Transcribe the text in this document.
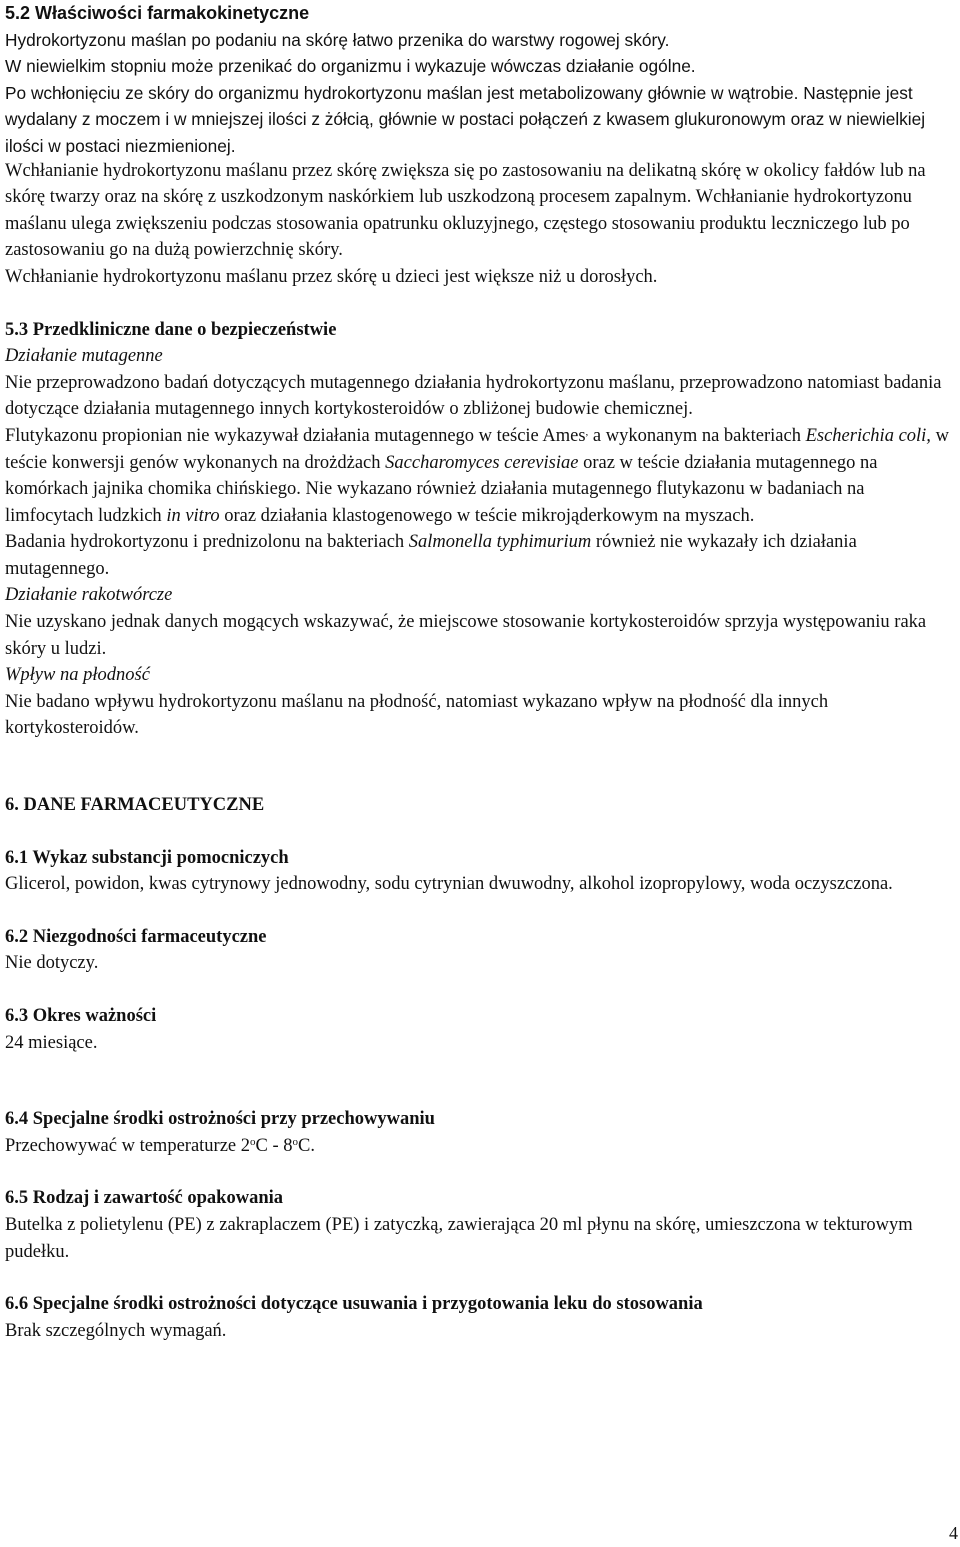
5.2 Właściwości farmakokinetyczne

Hydrokortyzonu maślan po podaniu na skórę łatwo przenika do warstwy rogowej skóry.

W niewielkim stopniu może przenikać do organizmu i wykazuje wówczas działanie ogólne.

Po wchłonięciu ze skóry do organizmu hydrokortyzonu maślan jest metabolizowany głównie w wątrobie. Następnie jest wydalany z moczem i w mniejszej ilości z żółcią, głównie w postaci połączeń z kwasem glukuronowym oraz w niewielkiej ilości w postaci niezmienionej.

Wchłanianie hydrokortyzonu maślanu przez skórę zwiększa się po zastosowaniu na delikatną skórę w okolicy fałdów lub na skórę twarzy oraz na skórę z uszkodzonym naskórkiem lub uszkodzoną procesem zapalnym. Wchłanianie hydrokortyzonu maślanu ulega zwiększeniu podczas stosowania opatrunku okluzyjnego, częstego stosowaniu produktu leczniczego lub po zastosowaniu go na dużą powierzchnię skóry.

Wchłanianie hydrokortyzonu maślanu przez skórę u dzieci jest większe niż u dorosłych.

5.3 Przedkliniczne dane o bezpieczeństwie

Działanie mutagenne

Nie przeprowadzono badań dotyczących mutagennego działania hydrokortyzonu maślanu, przeprowadzono natomiast badania dotyczące działania mutagennego innych kortykosteroidów o zbliżonej budowie chemicznej.

Flutykazonu propionian nie wykazywał działania mutagennego w teście Ames, a wykonanym na bakteriach Escherichia coli, w teście konwersji genów wykonanych na drożdżach Saccharomyces cerevisiae oraz w teście działania mutagennego na komórkach jajnika chomika chińskiego. Nie wykazano również działania mutagennego flutykazonu w badaniach na limfocytach ludzkich in vitro oraz działania klastogenowego w teście mikrojąderkowym na myszach.

Badania hydrokortyzonu i prednizolonu na bakteriach Salmonella typhimurium również nie wykazały ich działania mutagennego.

Działanie rakotwórcze

Nie uzyskano jednak danych mogących wskazywać, że miejscowe stosowanie kortykosteroidów sprzyja występowaniu raka skóry u ludzi.

Wpływ na płodność

Nie badano wpływu hydrokortyzonu maślanu na płodność, natomiast wykazano wpływ na płodność dla innych kortykosteroidów.

6. DANE FARMACEUTYCZNE

6.1 Wykaz substancji pomocniczych

Glicerol, powidon, kwas cytrynowy jednowodny, sodu cytrynian dwuwodny, alkohol izopropylowy, woda oczyszczona.

6.2 Niezgodności farmaceutyczne

Nie dotyczy.

6.3 Okres ważności

24 miesiące.

6.4 Specjalne środki ostrożności przy przechowywaniu

Przechowywać w temperaturze 2$^o$C - 8$^o$C.

6.5 Rodzaj i zawartość opakowania

Butelka z polietylenu (PE) z zakraplaczem (PE) i zatyczką, zawierająca 20 ml płynu na skórę, umieszczona w tekturowym pudełku.

6.6 Specjalne środki ostrożności dotyczące usuwania i przygotowania leku do stosowania

Brak szczególnych wymagań.

4
